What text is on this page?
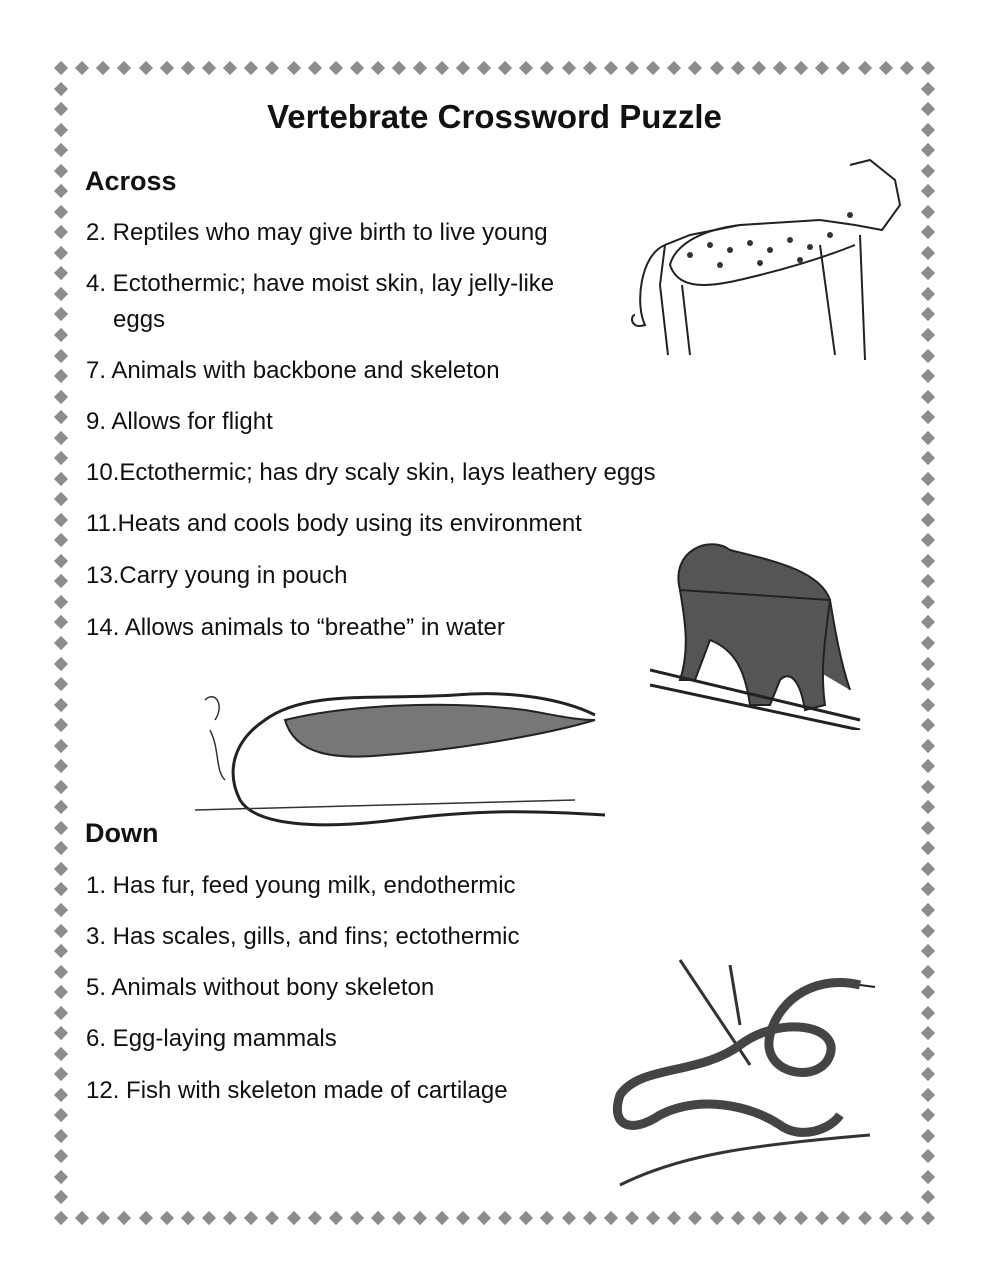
Vertebrate Crossword Puzzle

Across

2. Reptiles who may give birth to live young

4. Ectothermic; have moist skin, lay jelly-like
eggs

7. Animals with backbone and skeleton

9. Allows for flight

10.Ectothermic; has dry scaly skin, lays leathery eggs

11.Heats and cools body using its environment

13.Carry young in pouch

14. Allows animals to “breathe” in water

Down

1. Has fur, feed young milk, endothermic

3. Has scales, gills, and fins; ectothermic

5. Animals without bony skeleton

6. Egg-laying mammals

12. Fish with skeleton made of cartilage
